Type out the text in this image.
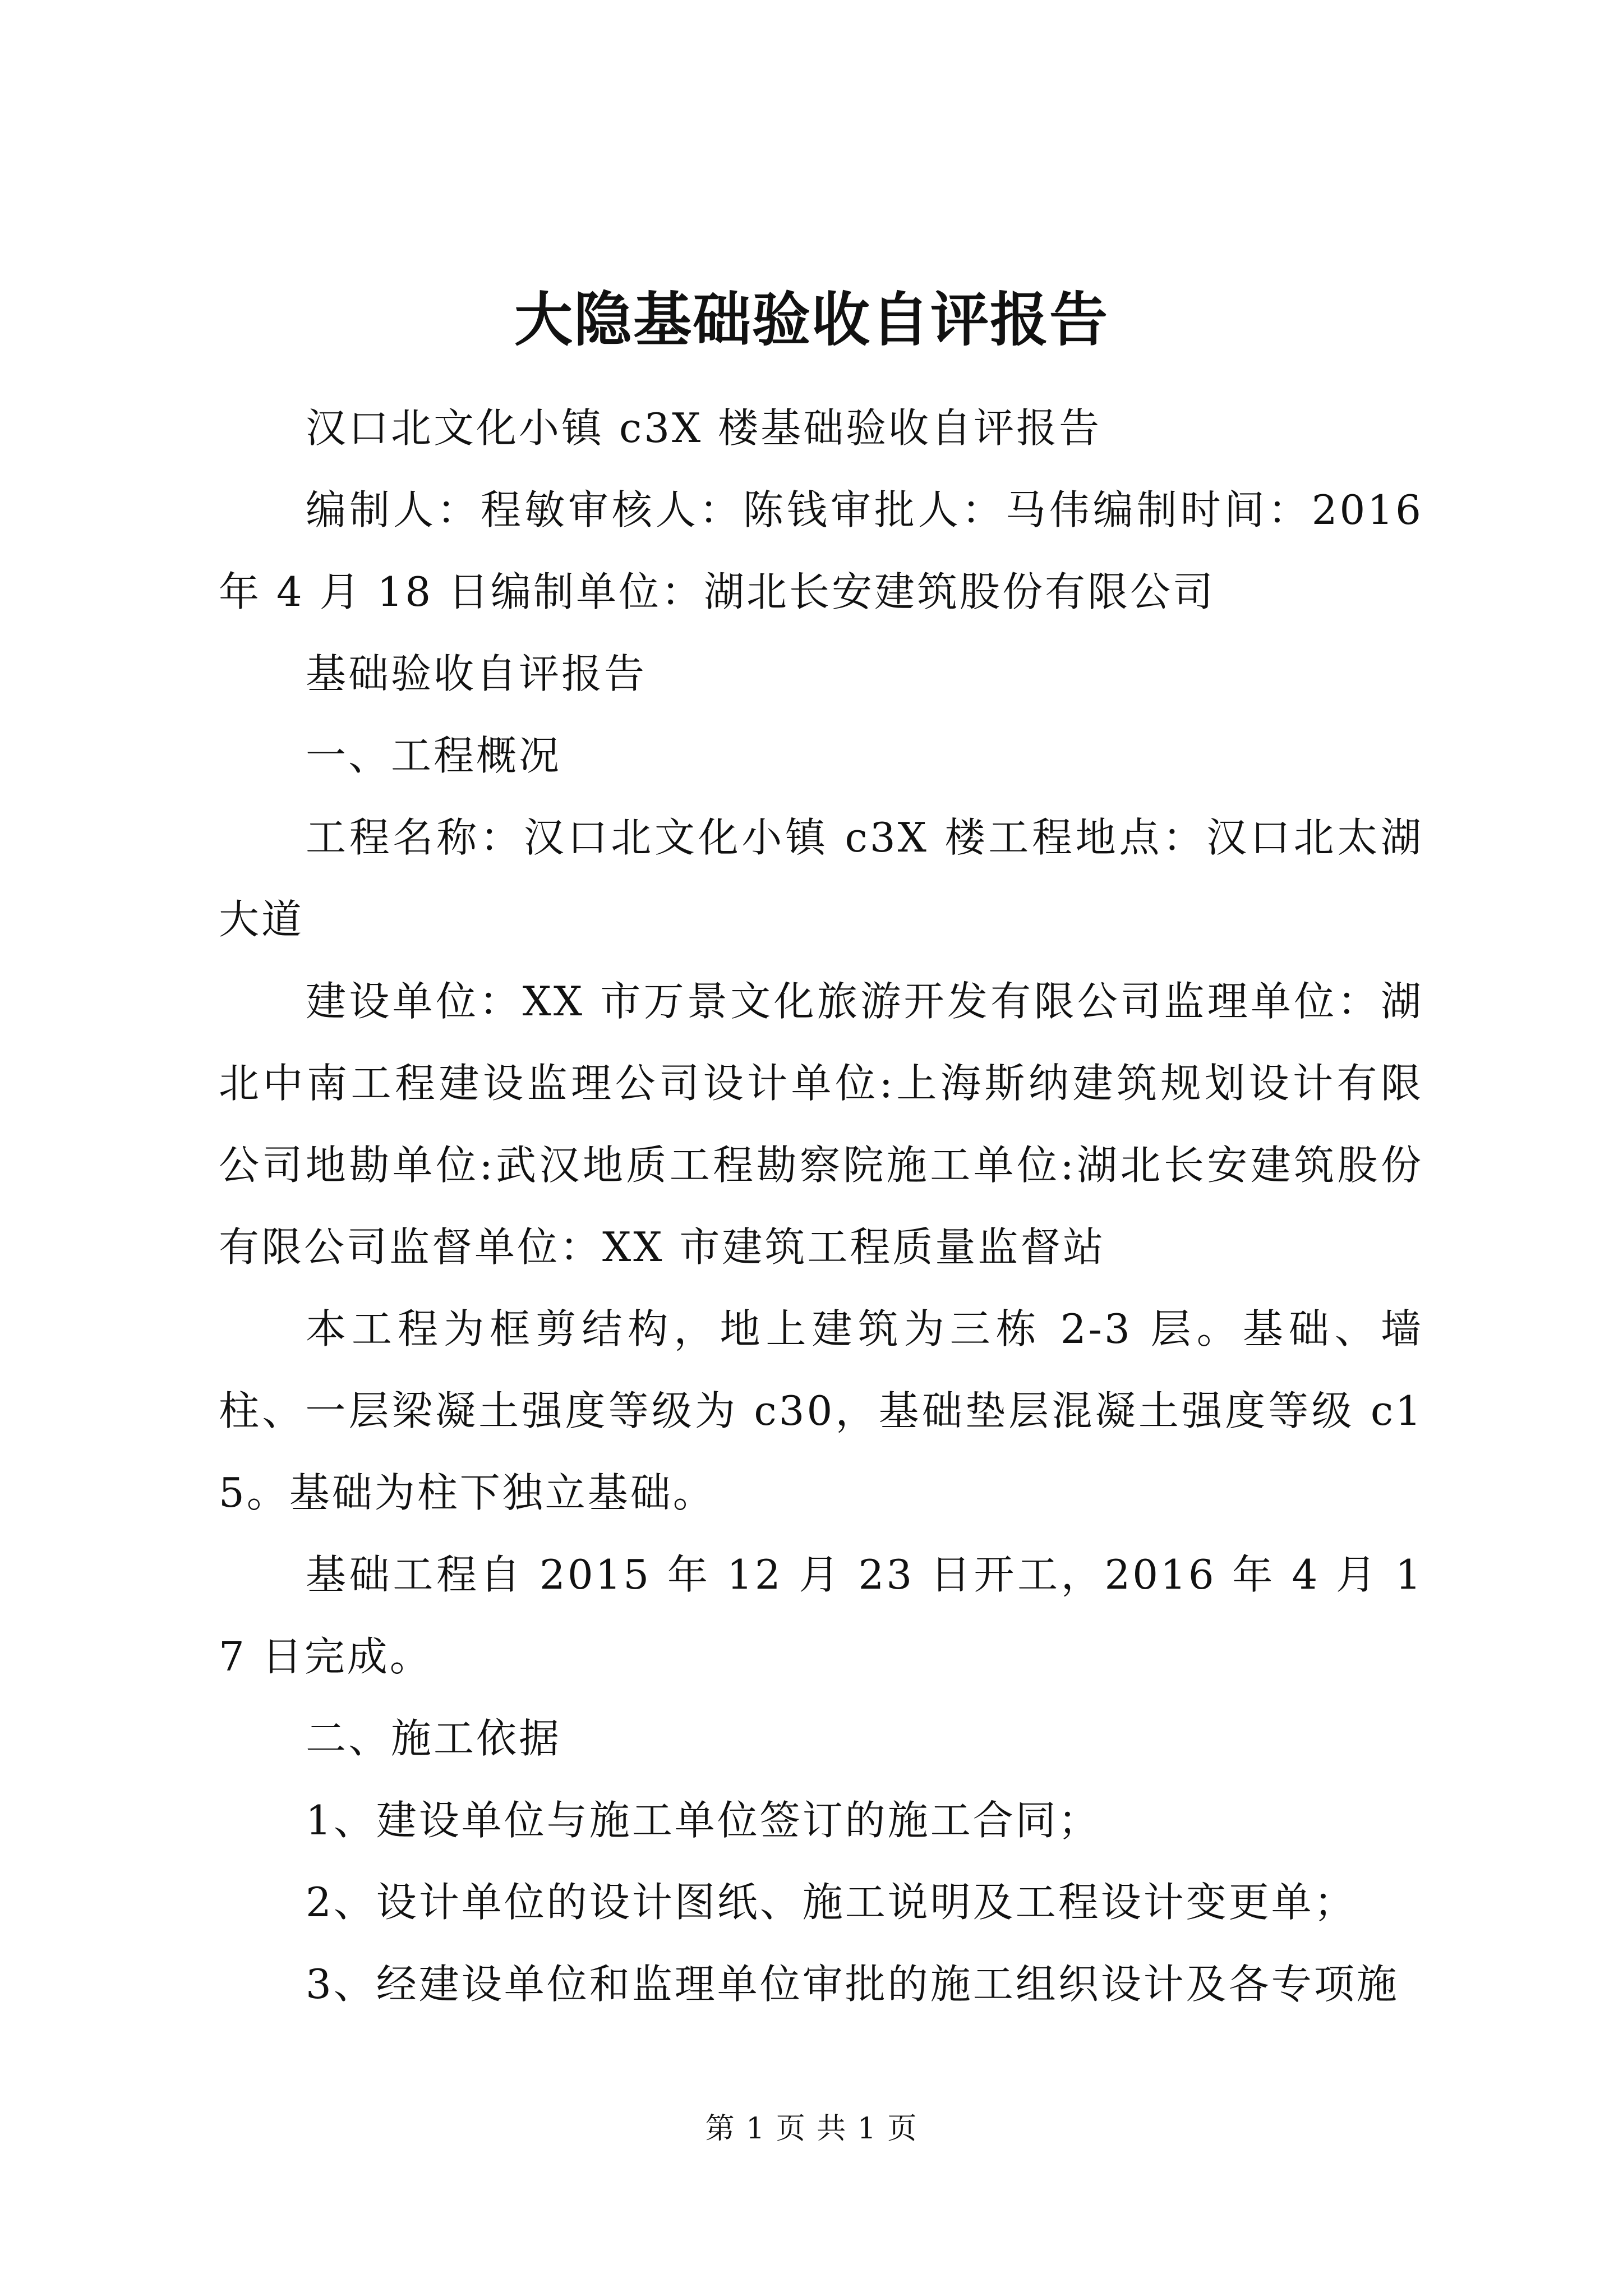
大隐基础验收自评报告

汉口北文化小镇 c3X 楼基础验收自评报告

编制人：程敏审核人：陈钱审批人：马伟编制时间：2016 年 4 月 18 日编制单位：湖北长安建筑股份有限公司

基础验收自评报告

一、工程概况

工程名称：汉口北文化小镇 c3X 楼工程地点：汉口北太湖大道

建设单位：XX 市万景文化旅游开发有限公司监理单位：湖北中南工程建设监理公司设计单位:上海斯纳建筑规划设计有限公司地勘单位:武汉地质工程勘察院施工单位:湖北长安建筑股份有限公司监督单位：XX 市建筑工程质量监督站

本工程为框剪结构，地上建筑为三栋 2-3 层。基础、墙柱、一层梁凝土强度等级为 c30，基础垫层混凝土强度等级 c15。基础为柱下独立基础。

基础工程自 2015 年 12 月 23 日开工，2016 年 4 月 17 日完成。

二、施工依据

1、建设单位与施工单位签订的施工合同；

2、设计单位的设计图纸、施工说明及工程设计变更单；

3、经建设单位和监理单位审批的施工组织设计及各专项施

第 1 页 共 1 页
